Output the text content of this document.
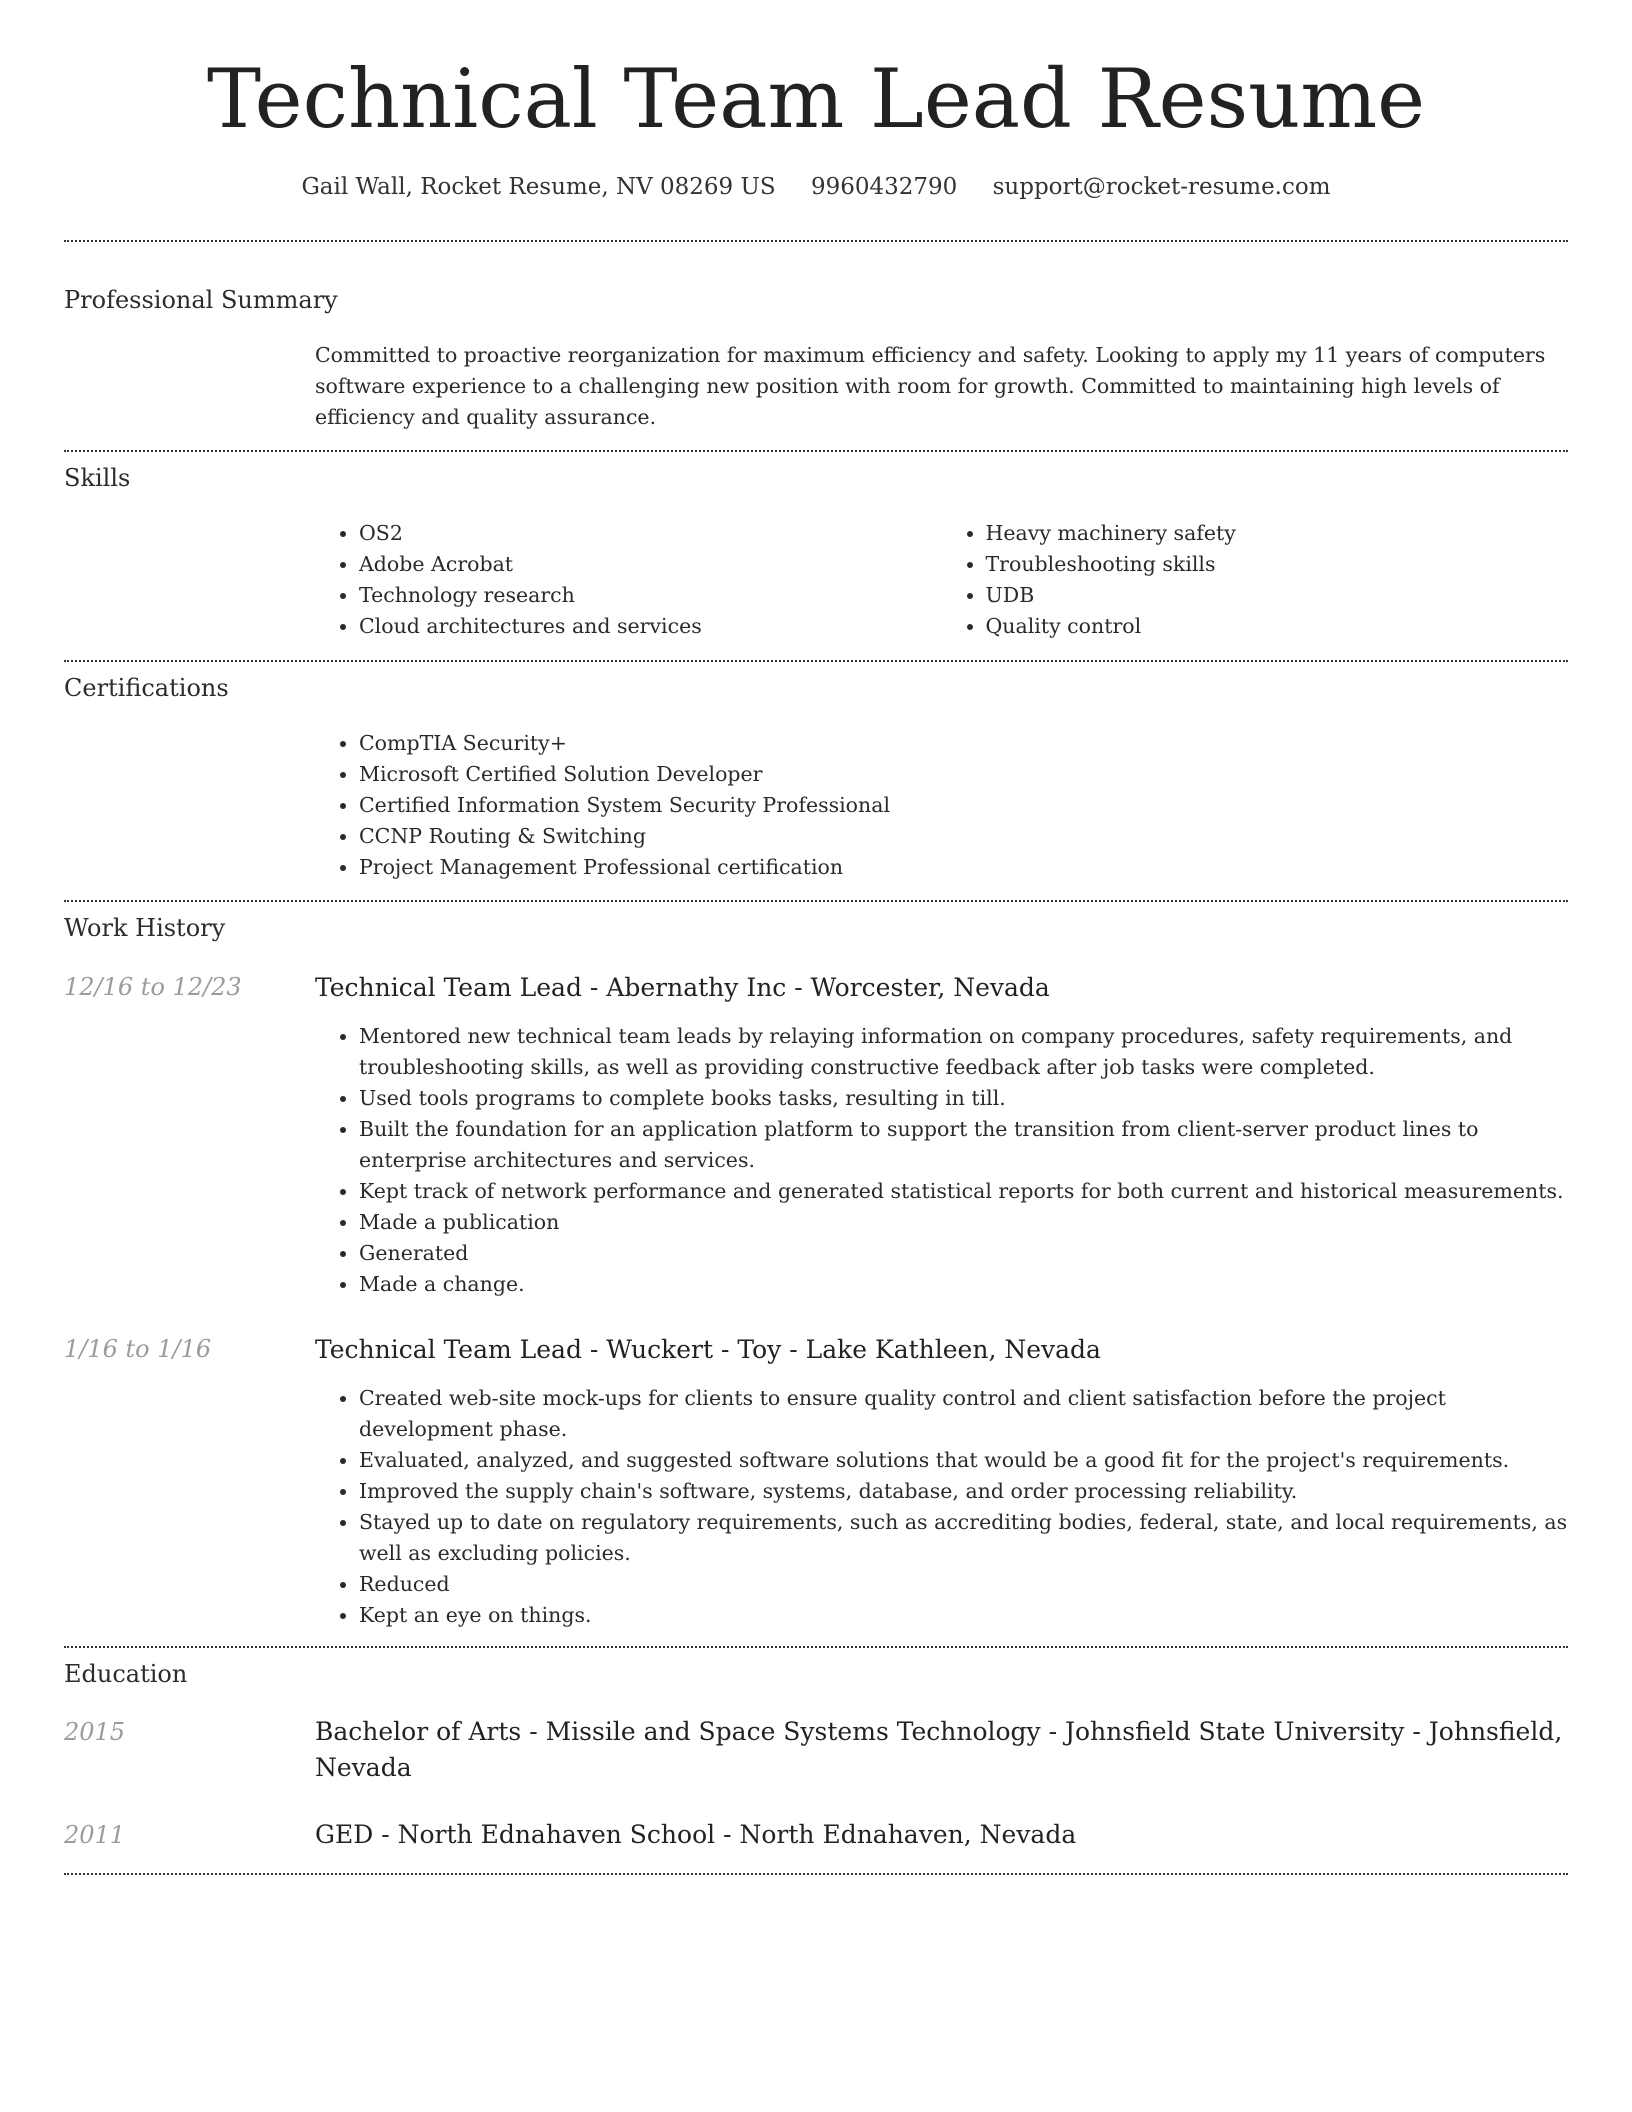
Technical Team Lead Resume
Gail Wall, Rocket Resume, NV 08269 US 9960432790 support@rocket-resume.com
Professional Summary
Committed to proactive reorganization for maximum efficiency and safety. Looking to apply my 11 years of computers software experience to a challenging new position with room for growth. Committed to maintaining high levels of efficiency and quality assurance.
Skills
• OS2
• Adobe Acrobat
• Technology research
• Cloud architectures and services
• Heavy machinery safety
• Troubleshooting skills
• UDB
• Quality control
Certifications
• CompTIA Security+
• Microsoft Certified Solution Developer
• Certified Information System Security Professional
• CCNP Routing & Switching
• Project Management Professional certification
Work History
12/16 to 12/23	Technical Team Lead - Abernathy Inc - Worcester, Nevada
• Mentored new technical team leads by relaying information on company procedures, safety requirements, and troubleshooting skills, as well as providing constructive feedback after job tasks were completed.
• Used tools programs to complete books tasks, resulting in till.
• Built the foundation for an application platform to support the transition from client-server product lines to enterprise architectures and services.
• Kept track of network performance and generated statistical reports for both current and historical measurements.
• Made a publication
• Generated
• Made a change.
1/16 to 1/16	Technical Team Lead - Wuckert - Toy - Lake Kathleen, Nevada
• Created web-site mock-ups for clients to ensure quality control and client satisfaction before the project development phase.
• Evaluated, analyzed, and suggested software solutions that would be a good fit for the project's requirements.
• Improved the supply chain's software, systems, database, and order processing reliability.
• Stayed up to date on regulatory requirements, such as accrediting bodies, federal, state, and local requirements, as well as excluding policies.
• Reduced
• Kept an eye on things.
Education
2015	Bachelor of Arts - Missile and Space Systems Technology - Johnsfield State University - Johnsfield, Nevada
2011	GED - North Ednahaven School - North Ednahaven, Nevada
